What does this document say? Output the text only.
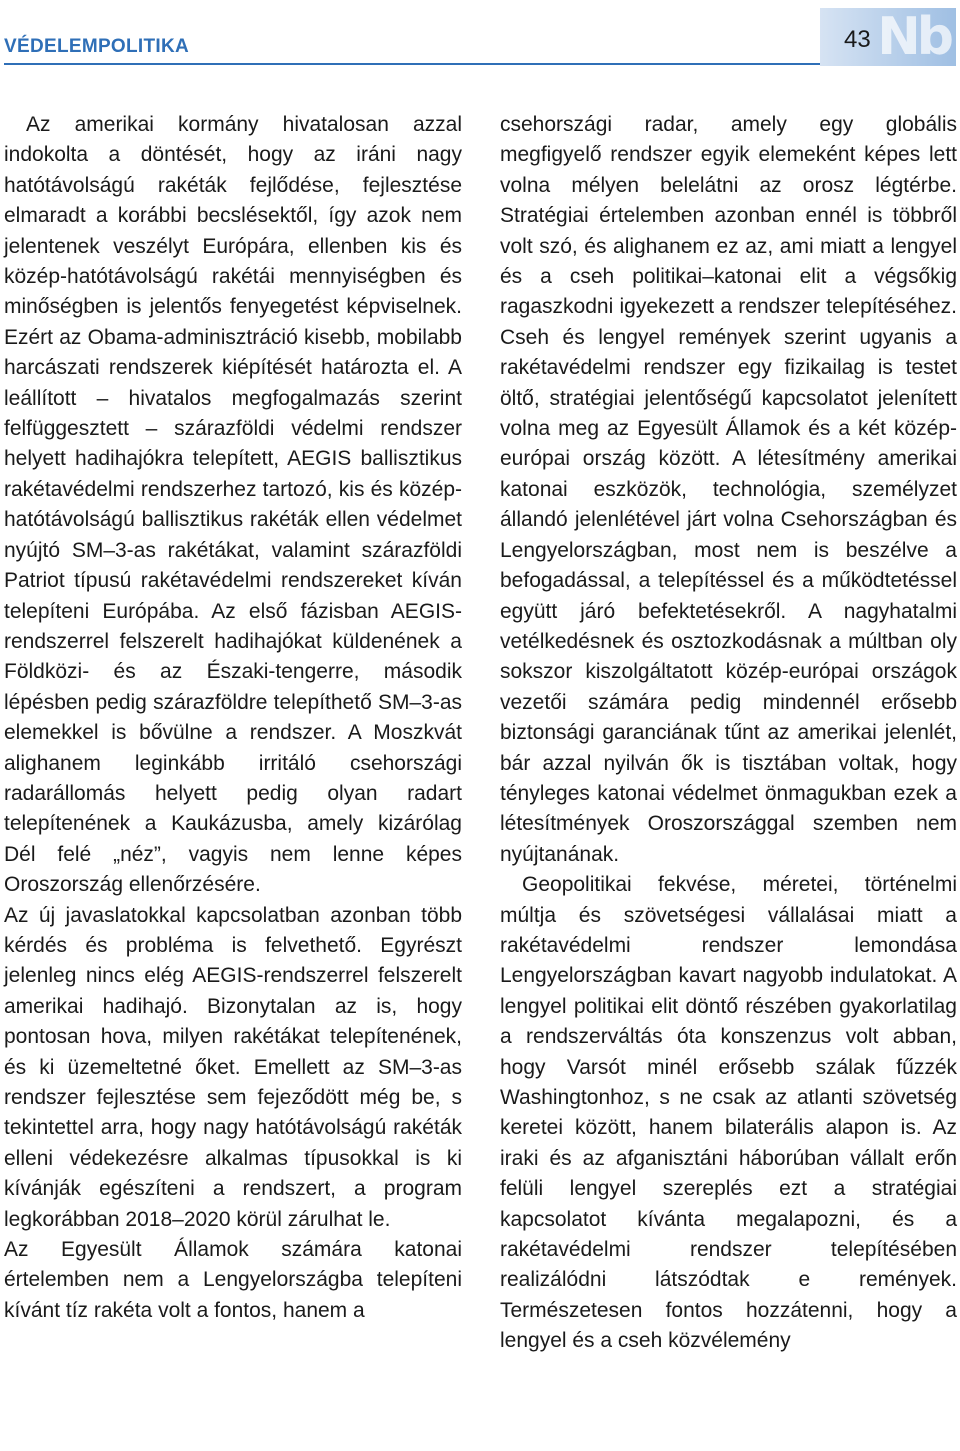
VÉDELEMPOLITIKA	Nb
43

Az amerikai kormány hivatalosan azzal indokolta a döntését, hogy az iráni nagy hatótávolságú rakéták fejlődése, fejlesztése elmaradt a korábbi becslésektől, így azok nem jelentenek veszélyt Európára, ellenben kis és közép-hatótávolságú rakétái mennyiségben és minőségben is jelentős fenyegetést képviselnek. Ezért az Obama-adminisztráció kisebb, mobilabb harcászati rendszerek kiépítését határozta el. A leállított – hivatalos megfogalmazás szerint felfüggesztett – szárazföldi védelmi rendszer helyett hadihajókra telepített, AEGIS ballisztikus rakétavédelmi rendszerhez tartozó, kis és közép-hatótávolságú ballisztikus rakéták ellen védelmet nyújtó SM–3-as rakétákat, valamint szárazföldi Patriot típusú rakétavédelmi rendszereket kíván telepíteni Európába. Az első fázisban AEGIS-rendszerrel felszerelt hadihajókat küldenének a Földközi- és az Északi-tengerre, második lépésben pedig szárazföldre telepíthető SM–3-as elemekkel is bővülne a rendszer. A Moszkvát alighanem leginkább irritáló csehországi radarállomás helyett pedig olyan radart telepítenének a Kaukázusba, amely kizárólag Dél felé „néz”, vagyis nem lenne képes Oroszország ellenőrzésére.

Az új javaslatokkal kapcsolatban azonban több kérdés és probléma is felvethető. Egyrészt jelenleg nincs elég AEGIS-rendszerrel felszerelt amerikai hadihajó. Bizonytalan az is, hogy pontosan hova, milyen rakétákat telepítenének, és ki üzemeltetné őket. Emellett az SM–3-as rendszer fejlesztése sem fejeződött még be, s tekintettel arra, hogy nagy hatótávolságú rakéták elleni védekezésre alkalmas típusokkal is ki kívánják egészíteni a rendszert, a program legkorábban 2018–2020 körül zárulhat le.

Az Egyesült Államok számára katonai értelemben nem a Lengyelországba telepíteni kívánt tíz rakéta volt a fontos, hanem a

csehországi radar, amely egy globális megfigyelő rendszer egyik elemeként képes lett volna mélyen belelátni az orosz légtérbe. Stratégiai értelemben azonban ennél is többről volt szó, és alighanem ez az, ami miatt a lengyel és a cseh politikai–katonai elit a végsőkig ragaszkodni igyekezett a rendszer telepítéséhez. Cseh és lengyel remények szerint ugyanis a rakétavédelmi rendszer egy fizikailag is testet öltő, stratégiai jelentőségű kapcsolatot jelenített volna meg az Egyesült Államok és a két közép-európai ország között. A létesítmény amerikai katonai eszközök, technológia, személyzet állandó jelenlétével járt volna Csehországban és Lengyelországban, most nem is beszélve a befogadással, a telepítéssel és a működtetéssel együtt járó befektetésekről. A nagyhatalmi vetélkedésnek és osztozkodásnak a múltban oly sokszor kiszolgáltatott közép-európai országok vezetői számára pedig mindennél erősebb biztonsági garanciának tűnt az amerikai jelenlét, bár azzal nyilván ők is tisztában voltak, hogy tényleges katonai védelmet önmagukban ezek a létesítmények Oroszországgal szemben nem nyújtanának.

Geopolitikai fekvése, méretei, történelmi múltja és szövetségesi vállalásai miatt a rakétavédelmi rendszer lemondása Lengyelországban kavart nagyobb indulatokat. A lengyel politikai elit döntő részében gyakorlatilag a rendszerváltás óta konszenzus volt abban, hogy Varsót minél erősebb szálak fűzzék Washingtonhoz, s ne csak az atlanti szövetség keretei között, hanem bilaterális alapon is. Az iraki és az afganisztáni háborúban vállalt erőn felüli lengyel szereplés ezt a stratégiai kapcsolatot kívánta megalapozni, és a rakétavédelmi rendszer telepítésében realizálódni látszódtak e remények. Természetesen fontos hozzátenni, hogy a lengyel és a cseh közvélemény
